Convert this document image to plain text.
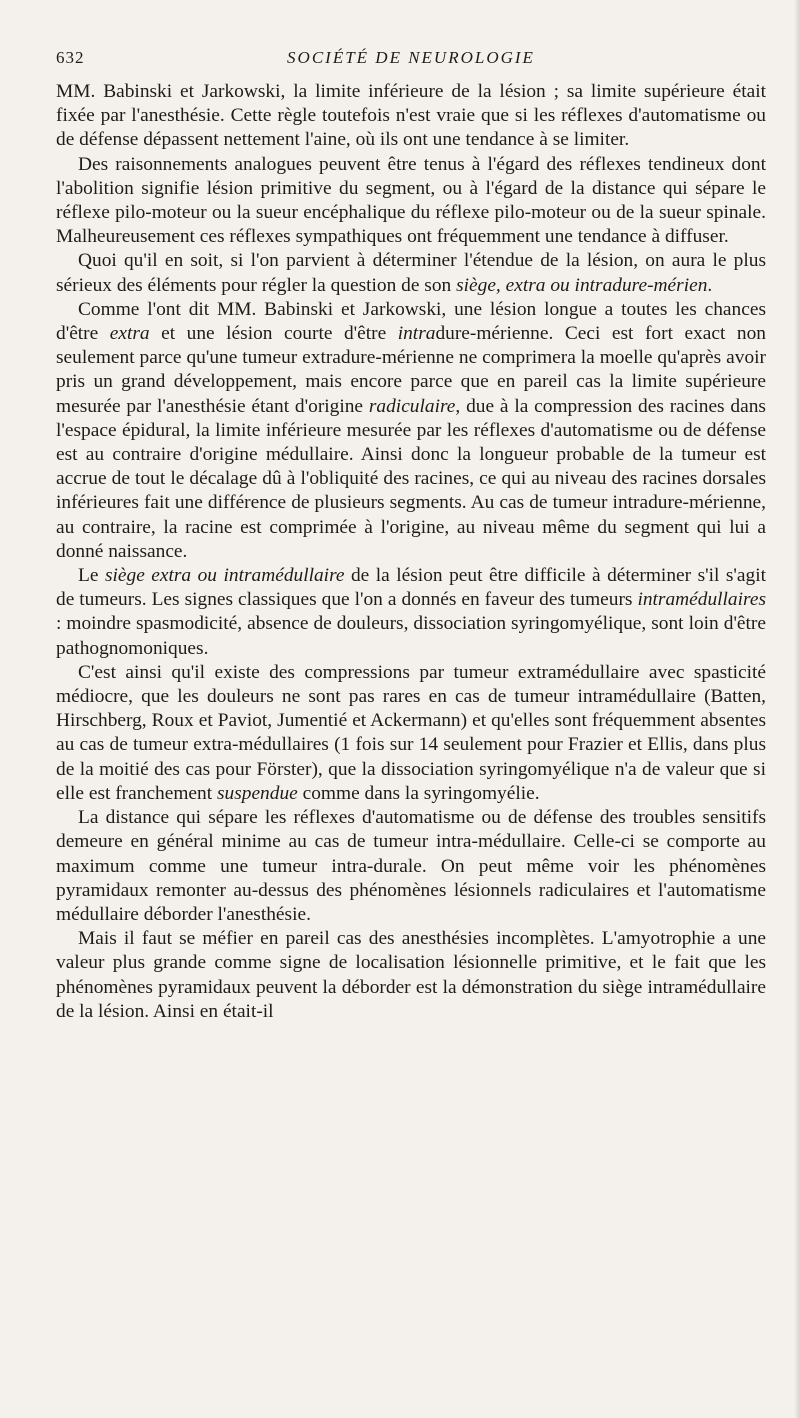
632	SOCIÉTÉ DE NEUROLOGIE

MM. Babinski et Jarkowski, la limite inférieure de la lésion ; sa limite supérieure était fixée par l'anesthésie. Cette règle toutefois n'est vraie que si les réflexes d'automatisme ou de défense dépassent nettement l'aine, où ils ont une tendance à se limiter.

Des raisonnements analogues peuvent être tenus à l'égard des réflexes tendineux dont l'abolition signifie lésion primitive du segment, ou à l'égard de la distance qui sépare le réflexe pilo-moteur ou la sueur encéphalique du réflexe pilo-moteur ou de la sueur spinale. Malheureusement ces réflexes sympathiques ont fréquemment une tendance à diffuser.

Quoi qu'il en soit, si l'on parvient à déterminer l'étendue de la lésion, on aura le plus sérieux des éléments pour régler la question de son siège, extra ou intradure-mérien.

Comme l'ont dit MM. Babinski et Jarkowski, une lésion longue a toutes les chances d'être extra et une lésion courte d'être intradure-mérienne. Ceci est fort exact non seulement parce qu'une tumeur extradure-mérienne ne comprimera la moelle qu'après avoir pris un grand développement, mais encore parce que en pareil cas la limite supérieure mesurée par l'anesthésie étant d'origine radiculaire, due à la compression des racines dans l'espace épidural, la limite inférieure mesurée par les réflexes d'automatisme ou de défense est au contraire d'origine médullaire. Ainsi donc la longueur probable de la tumeur est accrue de tout le décalage dû à l'obliquité des racines, ce qui au niveau des racines dorsales inférieures fait une différence de plusieurs segments. Au cas de tumeur intradure-mérienne, au contraire, la racine est comprimée à l'origine, au niveau même du segment qui lui a donné naissance.

Le siège extra ou intramédullaire de la lésion peut être difficile à déterminer s'il s'agit de tumeurs. Les signes classiques que l'on a donnés en faveur des tumeurs intramédullaires : moindre spasmodicité, absence de douleurs, dissociation syringomyélique, sont loin d'être pathognomoniques.

C'est ainsi qu'il existe des compressions par tumeur extramédullaire avec spasticité médiocre, que les douleurs ne sont pas rares en cas de tumeur intramédullaire (Batten, Hirschberg, Roux et Paviot, Jumentié et Ackermann) et qu'elles sont fréquemment absentes au cas de tumeur extra-médullaires (1 fois sur 14 seulement pour Frazier et Ellis, dans plus de la moitié des cas pour Förster), que la dissociation syringomyélique n'a de valeur que si elle est franchement suspendue comme dans la syringomyélie.

La distance qui sépare les réflexes d'automatisme ou de défense des troubles sensitifs demeure en général minime au cas de tumeur intra-médullaire. Celle-ci se comporte au maximum comme une tumeur intra-durale. On peut même voir les phénomènes pyramidaux remonter au-dessus des phénomènes lésionnels radiculaires et l'automatisme médullaire déborder l'anesthésie.

Mais il faut se méfier en pareil cas des anesthésies incomplètes. L'amyotrophie a une valeur plus grande comme signe de localisation lésionnelle primitive, et le fait que les phénomènes pyramidaux peuvent la déborder est la démonstration du siège intramédullaire de la lésion. Ainsi en était-il
